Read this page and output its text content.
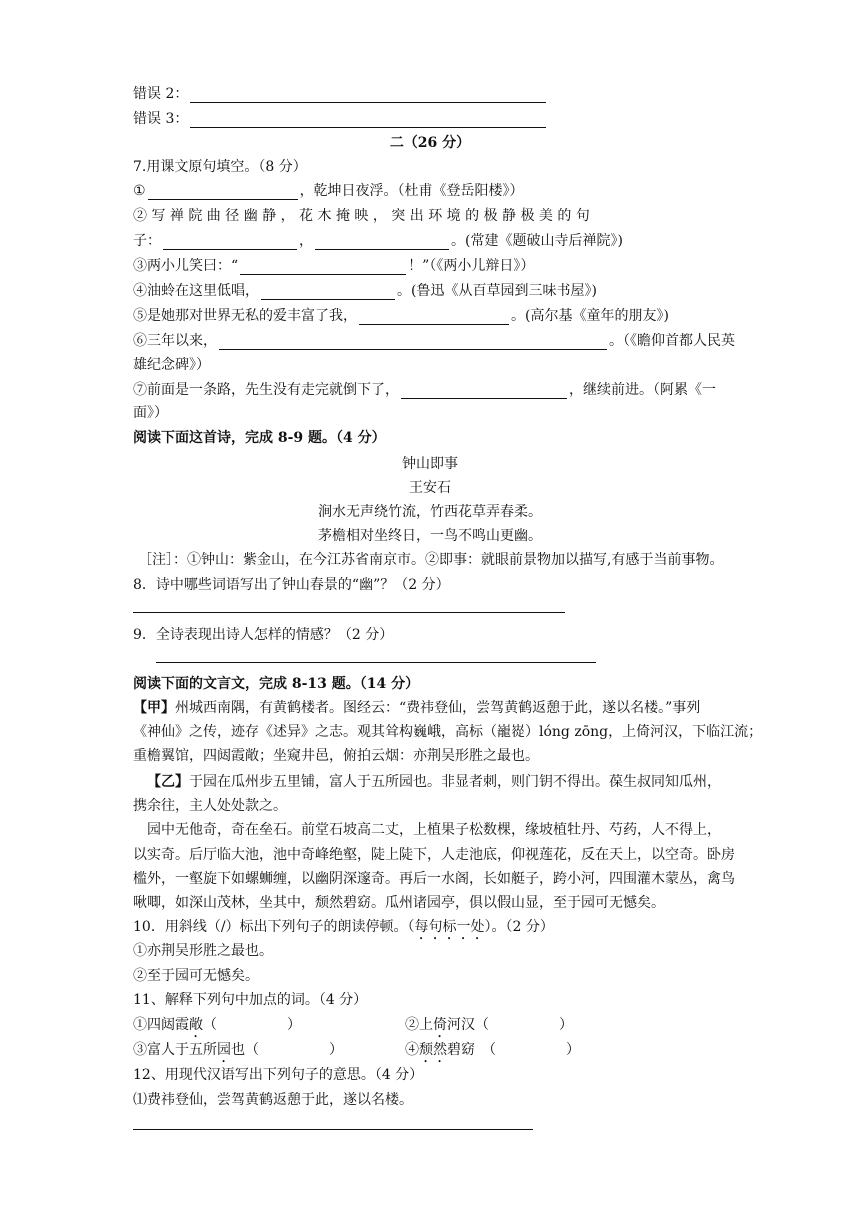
错误 2：
错误 3：
二（26 分）
7.用课文原句填空。（8 分）
①	，乾坤日夜浮。（杜甫《登岳阳楼》）
② 写 禅 院 曲 径 幽 静 ， 花 木 掩 映 ， 突 出 环 境 的 极 静 极 美 的 句
子：	，	。(常建《题破山寺后禅院》)
③两小儿笑曰：“	！”（《两小儿辩日》）
④油蛉在这里低唱，	。(鲁迅《从百草园到三味书屋》)
⑤是她那对世界无私的爱丰富了我，	。(高尔基《童年的朋友》)
⑥三年以来，	。（《瞻仰首都人民英
雄纪念碑》）
⑦前面是一条路，先生没有走完就倒下了，	，继续前进。（阿累《一
面》）
阅读下面这首诗，完成 8-9 题。（4 分）
钟山即事
王安石
涧水无声绕竹流，竹西花草弄春柔。
茅檐相对坐终日，一鸟不鸣山更幽。
［注］：①钟山：紫金山，在今江苏省南京市。②即事：就眼前景物加以描写,有感于当前事物。
8．诗中哪些词语写出了钟山春景的“幽”？（2 分）
9．全诗表现出诗人怎样的情感？（2 分）
阅读下面的文言文，完成 8-13 题。（14 分）
【甲】州城西南隅，有黄鹤楼者。图经云：“费祎登仙，尝驾黄鹤返憩于此，遂以名楼。”事列
《神仙》之传，迹存《述异》之志。观其耸构巍峨，高标（巃嵸）lóng zōng，上倚河汉，下临江流；
重檐翼馆，四闼霞敞；坐窥井邑，俯拍云烟：亦荆吴形胜之最也。
【乙】于园在瓜州步五里铺，富人于五所园也。非显者刺，则门钥不得出。葆生叔同知瓜州，
携余往，主人处处款之。
园中无他奇，奇在垒石。前堂石坡高二丈，上植果子松数棵，缘坡植牡丹、芍药，人不得上，
以实奇。后厅临大池，池中奇峰绝壑，陡上陡下，人走池底，仰视莲花，反在天上，以空奇。卧房
槛外，一壑旋下如螺蛳缠，以幽阴深邃奇。再后一水阁，长如艇子，跨小河，四围灌木蒙丛，禽鸟
啾唧，如深山茂林，坐其中，颓然碧窈。瓜州诸园亭，俱以假山显，至于园可无憾矣。
10．用斜线（/）标出下列句子的朗读停顿。（每句标一处）。（2 分）
①亦荆吴形胜之最也。
②至于园可无憾矣。
11、解释下列句中加点的词。（4 分）
①四闼霞敞（　　　　　）	②上倚河汉（　　　　　）
③富人于五所园也（　　　　　）	④颓然碧窈　（　　　　　）
12、用现代汉语写出下列句子的意思。（4 分）
⑴费祎登仙，尝驾黄鹤返憩于此，遂以名楼。
